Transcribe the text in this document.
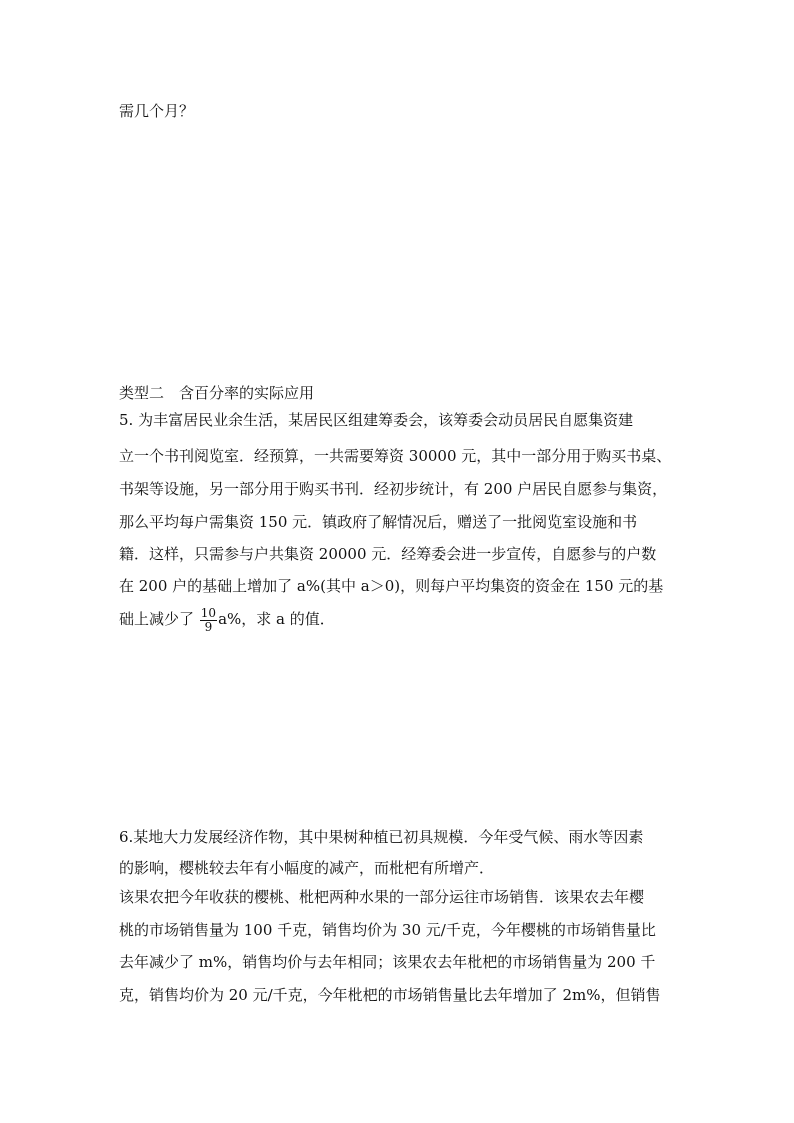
需几个月？
类型二　含百分率的实际应用
5. 为丰富居民业余生活，某居民区组建筹委会，该筹委会动员居民自愿集资建
立一个书刊阅览室．经预算，一共需要筹资 30000 元，其中一部分用于购买书桌、
书架等设施，另一部分用于购买书刊．经初步统计，有 200 户居民自愿参与集资，
那么平均每户需集资 150 元．镇政府了解情况后，赠送了一批阅览室设施和书
籍．这样，只需参与户共集资 20000 元．经筹委会进一步宣传，自愿参与的户数
在 200 户的基础上增加了 a%(其中 a＞0)，则每户平均集资的资金在 150 元的基
础上减少了 $\frac{10}{9} a\%$，求 a 的值．
6.某地大力发展经济作物，其中果树种植已初具规模．今年受气候、雨水等因素
的影响，樱桃较去年有小幅度的减产，而枇杷有所增产．
该果农把今年收获的樱桃、枇杷两种水果的一部分运往市场销售．该果农去年樱
桃的市场销售量为 100 千克，销售均价为 30 元/千克，今年樱桃的市场销售量比
去年减少了 m%，销售均价与去年相同；该果农去年枇杷的市场销售量为 200 千
克，销售均价为 20 元/千克，今年枇杷的市场销售量比去年增加了 2m%，但销售
